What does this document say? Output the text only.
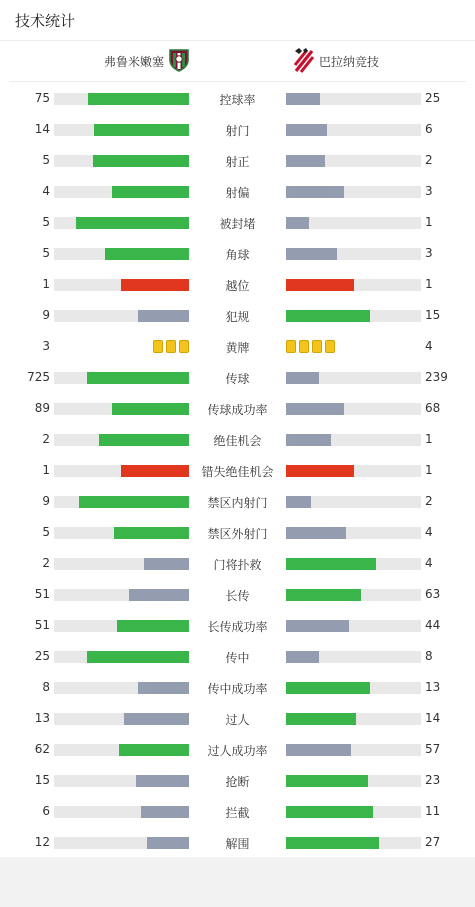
技术统计
弗鲁米嫩塞	巴拉纳竞技
75	控球率	25
14	射门	6
5	射正	2
4	射偏	3
5	被封堵	1
5	角球	3
1	越位	1
9	犯规	15
3	黄牌	4
725	传球	239
89	传球成功率	68
2	绝佳机会	1
1	错失绝佳机会	1
9	禁区内射门	2
5	禁区外射门	4
2	门将扑救	4
51	长传	63
51	长传成功率	44
25	传中	8
8	传中成功率	13
13	过人	14
62	过人成功率	57
15	抢断	23
6	拦截	11
12	解围	27
